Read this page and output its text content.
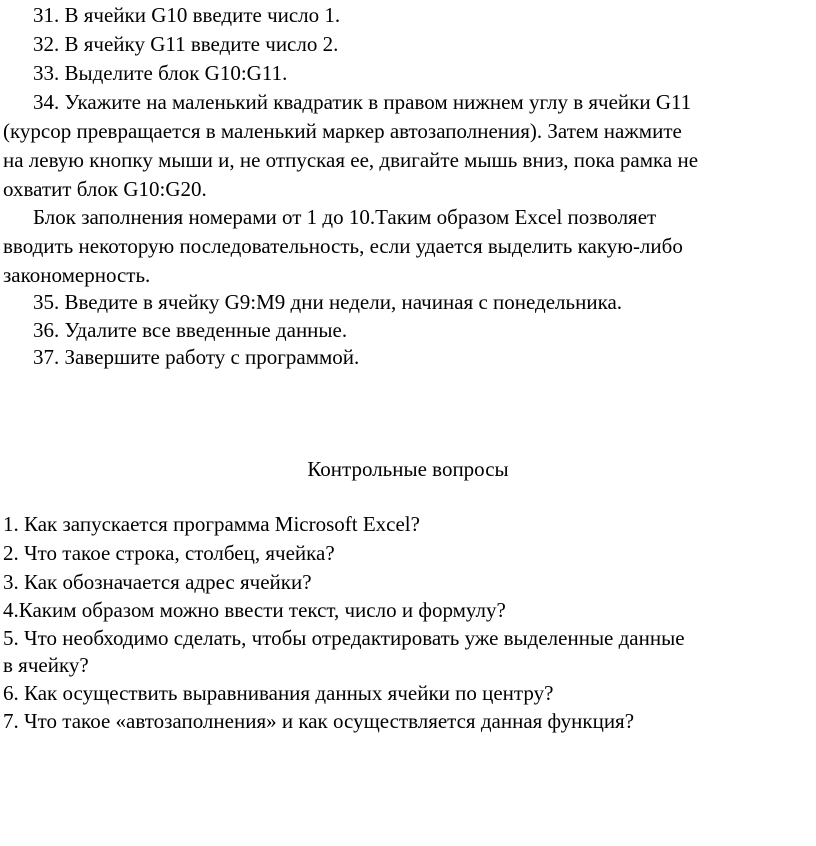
31. В ячейки G10 введите число 1.
32. В ячейку G11 введите число 2.
33. Выделите блок G10:G11.
34. Укажите на маленький квадратик в правом нижнем углу в ячейки G11
(курсор превращается в маленький маркер автозаполнения). Затем нажмите
на левую кнопку мыши и, не отпуская ее, двигайте мышь вниз, пока рамка не
охватит блок G10:G20.
Блок заполнения номерами от 1 до 10.Таким образом Excel позволяет
вводить некоторую последовательность, если удается выделить какую-либо
закономерность.
35. Введите в ячейку G9:M9 дни недели, начиная с понедельника.
36. Удалите все введенные данные.
37. Завершите работу с программой.
Контрольные вопросы
1. Как запускается программа Microsoft Excel?
2. Что такое строка, столбец, ячейка?
3. Как обозначается адрес ячейки?
4.Каким образом можно ввести текст, число и формулу?
5. Что необходимо сделать, чтобы отредактировать уже выделенные данные
в ячейку?
6. Как осуществить выравнивания данных ячейки по центру?
7. Что такое «автозаполнения» и как осуществляется данная функция?
